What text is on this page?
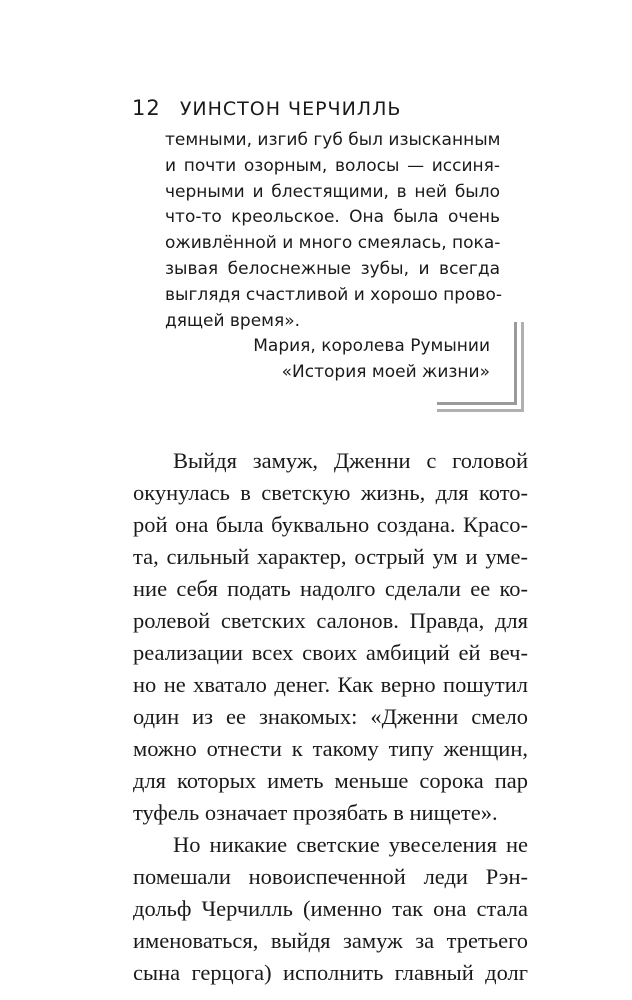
12 УИНСТОН ЧЕРЧИЛЛЬ
темными, изгиб губ был изысканным
и почти озорным, волосы — иссиня-
черными и блестящими, в ней было
что-то креольское. Она была очень
оживлённой и много смеялась, пока-
зывая белоснежные зубы, и всегда
выглядя счастливой и хорошо прово-
дящей время».
Мария, королева Румынии
«История моей жизни»
Выйдя замуж, Дженни с головой
окунулась в светскую жизнь, для кото-
рой она была буквально создана. Красо-
та, сильный характер, острый ум и уме-
ние себя подать надолго сделали ее ко-
ролевой светских салонов. Правда, для
реализации всех своих амбиций ей веч-
но не хватало денег. Как верно пошутил
один из ее знакомых: «Дженни смело
можно отнести к такому типу женщин,
для которых иметь меньше сорока пар
туфель означает прозябать в нищете».
Но никакие светские увеселения не
помешали новоиспеченной леди Рэн-
дольф Черчилль (именно так она стала
именоваться, выйдя замуж за третьего
сына герцога) исполнить главный долг
